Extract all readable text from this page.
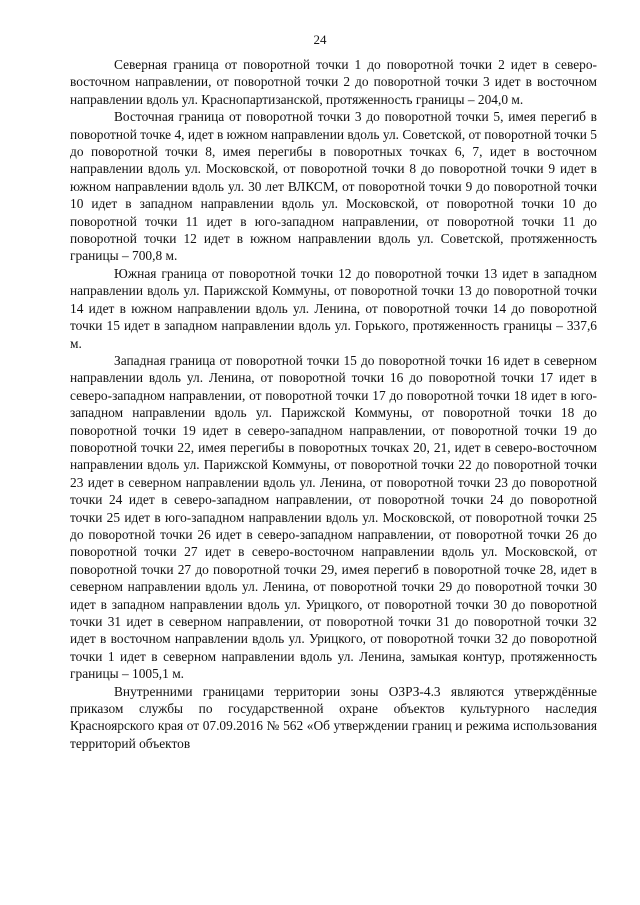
24

Северная граница от поворотной точки 1 до поворотной точки 2 идет в северо-восточном направлении, от поворотной точки 2 до поворотной точки 3 идет в восточном направлении вдоль ул. Краснопартизанской, протяженность границы – 204,0 м.

Восточная граница от поворотной точки 3 до поворотной точки 5, имея перегиб в поворотной точке 4, идет в южном направлении вдоль ул. Советской, от поворотной точки 5 до поворотной точки 8, имея перегибы в поворотных точках 6, 7, идет в восточном направлении вдоль ул. Московской, от поворотной точки 8 до поворотной точки 9 идет в южном направлении вдоль ул. 30 лет ВЛКСМ, от поворотной точки 9 до поворотной точки 10 идет в западном направлении вдоль ул. Московской, от поворотной точки 10 до поворотной точки 11 идет в юго-западном направлении, от поворотной точки 11 до поворотной точки 12 идет в южном направлении вдоль ул. Советской, протяженность границы – 700,8 м.

Южная граница от поворотной точки 12 до поворотной точки 13 идет в западном направлении вдоль ул. Парижской Коммуны, от поворотной точки 13 до поворотной точки 14 идет в южном направлении вдоль ул. Ленина, от поворотной точки 14 до поворотной точки 15 идет в западном направлении вдоль ул. Горького, протяженность границы – 337,6 м.

Западная граница от поворотной точки 15 до поворотной точки 16 идет в северном направлении вдоль ул. Ленина, от поворотной точки 16 до поворотной точки 17 идет в северо-западном направлении, от поворотной точки 17 до поворотной точки 18 идет в юго-западном направлении вдоль ул. Парижской Коммуны, от поворотной точки 18 до поворотной точки 19 идет в северо-западном направлении, от поворотной точки 19 до поворотной точки 22, имея перегибы в поворотных точках 20, 21, идет в северо-восточном направлении вдоль ул. Парижской Коммуны, от поворотной точки 22 до поворотной точки 23 идет в северном направлении вдоль ул. Ленина, от поворотной точки 23 до поворотной точки 24 идет в северо-западном направлении, от поворотной точки 24 до поворотной точки 25 идет в юго-западном направлении вдоль ул. Московской, от поворотной точки 25 до поворотной точки 26 идет в северо-западном направлении, от поворотной точки 26 до поворотной точки 27 идет в северо-восточном направлении вдоль ул. Московской, от поворотной точки 27 до поворотной точки 29, имея перегиб в поворотной точке 28, идет в северном направлении вдоль ул. Ленина, от поворотной точки 29 до поворотной точки 30 идет в западном направлении вдоль ул. Урицкого, от поворотной точки 30 до поворотной точки 31 идет в северном направлении, от поворотной точки 31 до поворотной точки 32 идет в восточном направлении вдоль ул. Урицкого, от поворотной точки 32 до поворотной точки 1 идет в северном направлении вдоль ул. Ленина, замыкая контур, протяженность границы – 1005,1 м.

Внутренними границами территории зоны ОЗРЗ-4.3 являются утверждённые приказом службы по государственной охране объектов культурного наследия Красноярского края от 07.09.2016 № 562 «Об утверждении границ и режима использования территорий объектов
